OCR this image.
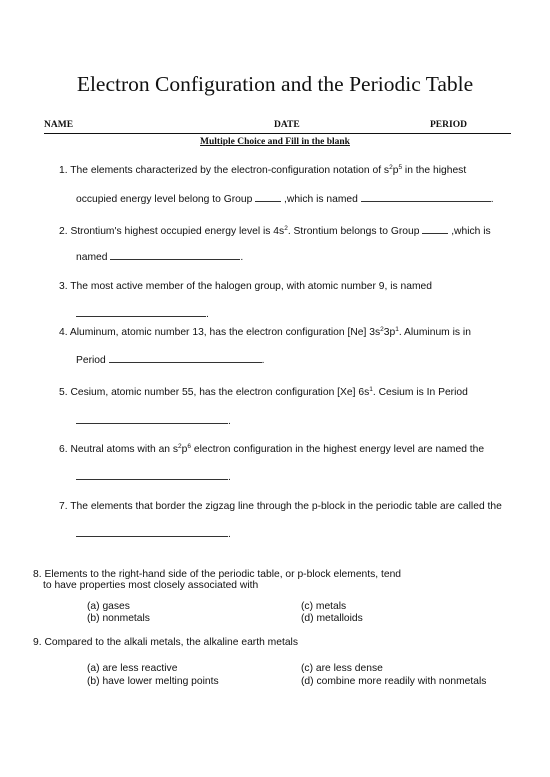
Electron Configuration and the Periodic Table
NAME	DATE	PERIOD
Multiple Choice and Fill in the blank
1. The elements characterized by the electron-configuration notation of $s^2p^5$ in the highest
occupied energy level belong to Group	,which is named	.
2. Strontium's highest occupied energy level is $4s^2$. Strontium belongs to Group	,which is
named	.
3. The most active member of the halogen group, with atomic number 9, is named
.
4. Aluminum, atomic number 13, has the electron configuration [Ne] $3s^23p^1$. Aluminum is in
Period	.
5. Cesium, atomic number 55, has the electron configuration [Xe] $6s^1$. Cesium is In Period
.
6. Neutral atoms with an $s^2p^6$ electron configuration in the highest energy level are named the
.
7. The elements that border the zigzag line through the p-block in the periodic table are called the
.
8. Elements to the right-hand side of the periodic table, or p-block elements, tend
to have properties most closely associated with
(a) gases
(b) nonmetals
(c) metals
(d) metalloids
9. Compared to the alkali metals, the alkaline earth metals
(a) are less reactive
(b) have lower melting points
(c) are less dense
(d) combine more readily with nonmetals
